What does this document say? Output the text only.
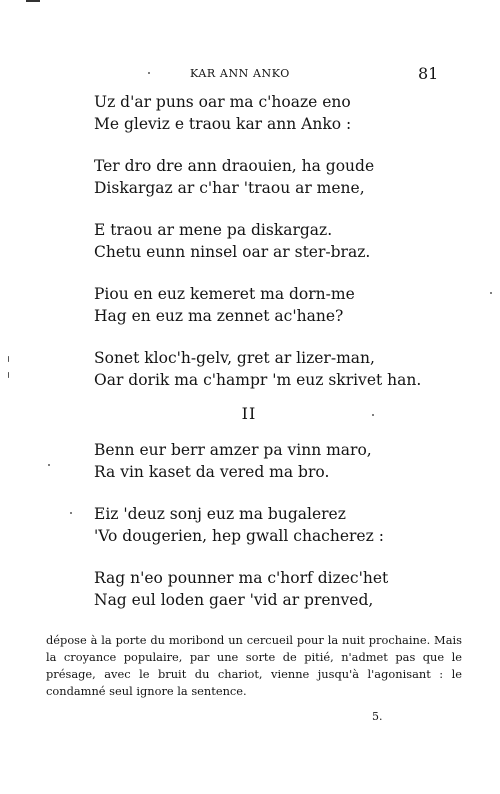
KAR ANN ANKO	81
Uz d'ar puns oar ma c'hoaze eno
Me gleviz e traou kar ann Anko :
Ter dro dre ann draouien, ha goude
Diskargaz ar c'har 'traou ar mene,
E traou ar mene pa diskargaz.
Chetu eunn ninsel oar ar ster-braz.
Piou en euz kemeret ma dorn-me
Hag en euz ma zennet ac'hane?
Sonet kloc'h-gelv, gret ar lizer-man,
Oar dorik ma c'hampr 'm euz skrivet han.
II
Benn eur berr amzer pa vinn maro,
Ra vin kaset da vered ma bro.
Eiz 'deuz sonj euz ma bugalerez
'Vo dougerien, hep gwall chacherez :
Rag n'eo pounner ma c'horf dizec'het
Nag eul loden gaer 'vid ar prenved,

dépose à la porte du moribond un cercueil pour la nuit prochaine. Mais la croyance populaire, par une sorte de pitié, n'admet pas que le présage, avec le bruit du chariot, vienne jusqu'à l'agonisant : le condamné seul ignore la sentence.

5.
